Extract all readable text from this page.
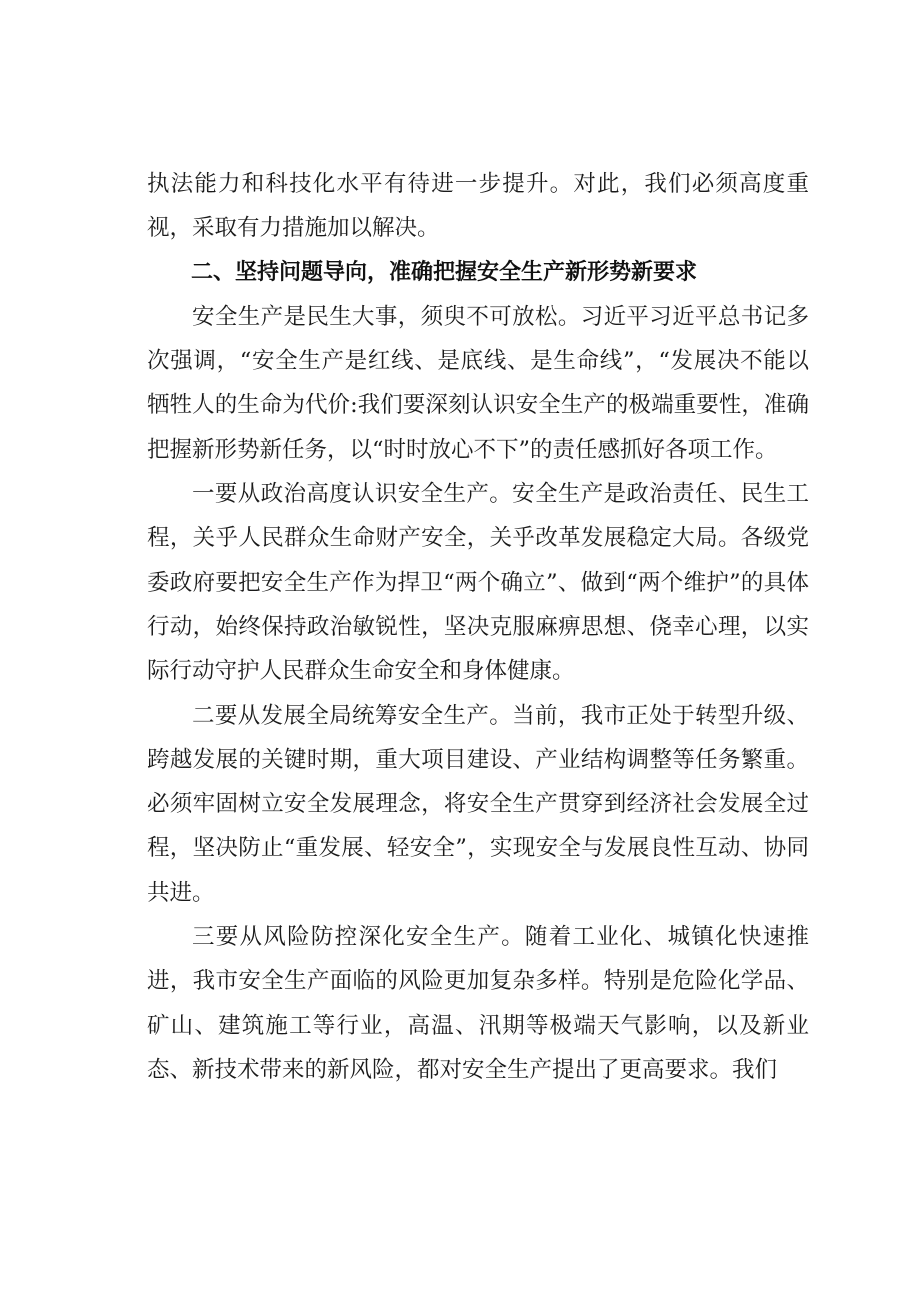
执法能力和科技化水平有待进一步提升。对此，我们必须高度重视，采取有力措施加以解决。

二、坚持问题导向，准确把握安全生产新形势新要求

安全生产是民生大事，须臾不可放松。习近平习近平总书记多次强调，“安全生产是红线、是底线、是生命线”，“发展决不能以牺牲人的生命为代价:我们要深刻认识安全生产的极端重要性，准确把握新形势新任务，以“时时放心不下”的责任感抓好各项工作。

一要从政治高度认识安全生产。安全生产是政治责任、民生工程，关乎人民群众生命财产安全，关乎改革发展稳定大局。各级党委政府要把安全生产作为捍卫“两个确立”、做到“两个维护”的具体行动，始终保持政治敏锐性，坚决克服麻痹思想、侥幸心理，以实际行动守护人民群众生命安全和身体健康。

二要从发展全局统筹安全生产。当前，我市正处于转型升级、跨越发展的关键时期，重大项目建设、产业结构调整等任务繁重。必须牢固树立安全发展理念，将安全生产贯穿到经济社会发展全过程，坚决防止“重发展、轻安全”，实现安全与发展良性互动、协同共进。

三要从风险防控深化安全生产。随着工业化、城镇化快速推进，我市安全生产面临的风险更加复杂多样。特别是危险化学品、矿山、建筑施工等行业，高温、汛期等极端天气影响，以及新业态、新技术带来的新风险，都对安全生产提出了更高要求。我们
